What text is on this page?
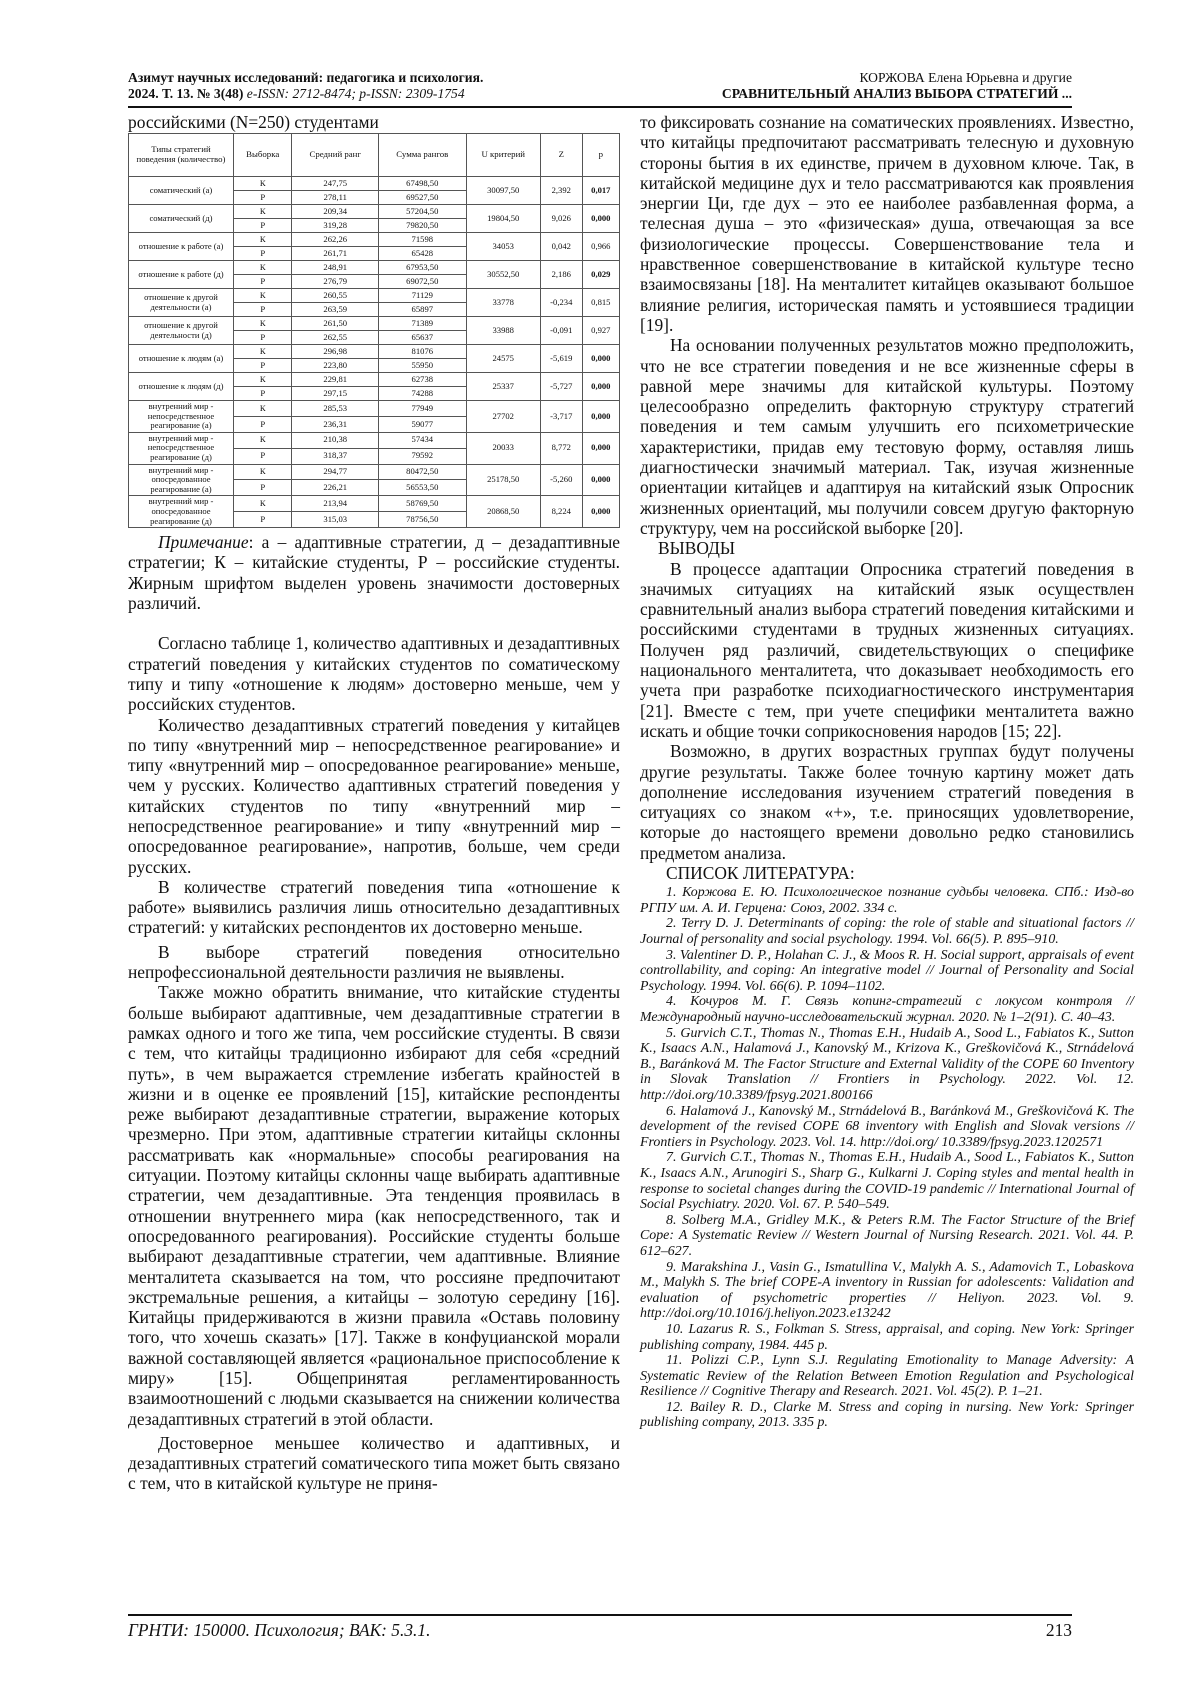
Азимут научных исследований: педагогика и психология.
2024. Т. 13. № 3(48) e-ISSN: 2712-8474; p-ISSN: 2309-1754
КОРЖОВА Елена Юрьевна и другие
СРАВНИТЕЛЬНЫЙ АНАЛИЗ ВЫБОРА СТРАТЕГИЙ ...
российскими (N=250) студентами
Типы стратегий поведения (количество)	Выборка	Средний ранг	Сумма рангов	U критерий	Z	p
соматический (а)	К	247,75	67498,50	30097,50	2,392	0,017
	Р	278,11	69527,50			
соматический (д)	К	209,34	57204,50	19804,50	9,026	0,000
	Р	319,28	79820,50			
отношение к работе (а)	К	262,26	71598	34053	0,042	0,966
	Р	261,71	65428			
отношение к работе (д)	К	248,91	67953,50	30552,50	2,186	0,029
	Р	276,79	69072,50			
отношение к другой деятельности (а)	К	260,55	71129	33778	-0,234	0,815
	Р	263,59	65897			
отношение к другой деятельности (д)	К	261,50	71389	33988	-0,091	0,927
	Р	262,55	65637			
отношение к людям (а)	К	296,98	81076	24575	-5,619	0,000
	Р	223,80	55950			
отношение к людям (д)	К	229,81	62738	25337	-5,727	0,000
	Р	297,15	74288			
внутренний мир - непосредственное реагирование (а)	К	285,53	77949	27702	-3,717	0,000
	Р	236,31	59077			
внутренний мир - непосредственное реагирование (д)	К	210,38	57434	20033	8,772	0,000
	Р	318,37	79592			
внутренний мир - опосредованное реагирование (а)	К	294,77	80472,50	25178,50	-5,260	0,000
	Р	226,21	56553,50			
внутренний мир - опосредованное реагирование (д)	К	213,94	58769,50	20868,50	8,224	0,000
	Р	315,03	78756,50			
Примечание: а – адаптивные стратегии, д – дезадаптивные стратегии; К – китайские студенты, Р – российские студенты. Жирным шрифтом выделен уровень значимости достоверных различий.

Согласно таблице 1, количество адаптивных и дезадаптивных стратегий поведения у китайских студентов по соматическому типу и типу «отношение к людям» достоверно меньше, чем у российских студентов.

Количество дезадаптивных стратегий поведения у китайцев по типу «внутренний мир – непосредственное реагирование» и типу «внутренний мир – опосредованное реагирование» меньше, чем у русских. Количество адаптивных стратегий поведения у китайских студентов по типу «внутренний мир – непосредственное реагирование» и типу «внутренний мир – опосредованное реагирование», напротив, больше, чем среди русских.

В количестве стратегий поведения типа «отношение к работе» выявились различия лишь относительно дезадаптивных стратегий: у китайских респондентов их достоверно меньше.

В выборе стратегий поведения относительно непрофессиональной деятельности различия не выявлены.

Также можно обратить внимание, что китайские студенты больше выбирают адаптивные, чем дезадаптивные стратегии в рамках одного и того же типа, чем российские студенты. В связи с тем, что китайцы традиционно избирают для себя «средний путь», в чем выражается стремление избегать крайностей в жизни и в оценке ее проявлений [15], китайские респонденты реже выбирают дезадаптивные стратегии, выражение которых чрезмерно. При этом, адаптивные стратегии китайцы склонны рассматривать как «нормальные» способы реагирования на ситуации. Поэтому китайцы склонны чаще выбирать адаптивные стратегии, чем дезадаптивные. Эта тенденция проявилась в отношении внутреннего мира (как непосредственного, так и опосредованного реагирования). Российские студенты больше выбирают дезадаптивные стратегии, чем адаптивные. Влияние менталитета сказывается на том, что россияне предпочитают экстремальные решения, а китайцы – золотую середину [16]. Китайцы придерживаются в жизни правила «Оставь половину того, что хочешь сказать» [17]. Также в конфуцианской морали важной составляющей является «рациональное приспособление к миру» [15]. Общепринятая регламентированность взаимоотношений с людьми сказывается на снижении количества дезадаптивных стратегий в этой области.

Достоверное меньшее количество и адаптивных, и дезадаптивных стратегий соматического типа может быть связано с тем, что в китайской культуре не приня-

то фиксировать сознание на соматических проявлениях. Известно, что китайцы предпочитают рассматривать телесную и духовную стороны бытия в их единстве, причем в духовном ключе. Так, в китайской медицине дух и тело рассматриваются как проявления энергии Ци, где дух – это ее наиболее разбавленная форма, а телесная душа – это «физическая» душа, отвечающая за все физиологические процессы. Совершенствование тела и нравственное совершенствование в китайской культуре тесно взаимосвязаны [18]. На менталитет китайцев оказывают большое влияние религия, историческая память и устоявшиеся традиции [19].

На основании полученных результатов можно предположить, что не все стратегии поведения и не все жизненные сферы в равной мере значимы для китайской культуры. Поэтому целесообразно определить факторную структуру стратегий поведения и тем самым улучшить его психометрические характеристики, придав ему тестовую форму, оставляя лишь диагностически значимый материал. Так, изучая жизненные ориентации китайцев и адаптируя на китайский язык Опросник жизненных ориентаций, мы получили совсем другую факторную структуру, чем на российской выборке [20].

ВЫВОДЫ

В процессе адаптации Опросника стратегий поведения в значимых ситуациях на китайский язык осуществлен сравнительный анализ выбора стратегий поведения китайскими и российскими студентами в трудных жизненных ситуациях. Получен ряд различий, свидетельствующих о специфике национального менталитета, что доказывает необходимость его учета при разработке психодиагностического инструментария [21]. Вместе с тем, при учете специфики менталитета важно искать и общие точки соприкосновения народов [15; 22].

Возможно, в других возрастных группах будут получены другие результаты. Также более точную картину может дать дополнение исследования изучением стратегий поведения в ситуациях со знаком «+», т.е. приносящих удовлетворение, которые до настоящего времени довольно редко становились предметом анализа.

СПИСОК ЛИТЕРАТУРА:

1. Коржова Е. Ю. Психологическое познание судьбы человека. СПб.: Изд-во РГПУ им. А. И. Герцена: Союз, 2002. 334 с.

2. Terry D. J. Determinants of coping: the role of stable and situational factors // Journal of personality and social psychology. 1994. Vol. 66(5). P. 895–910.

3. Valentiner D. P., Holahan C. J., & Moos R. H. Social support, appraisals of event controllability, and coping: An integrative model // Journal of Personality and Social Psychology. 1994. Vol. 66(6). P. 1094–1102.

4. Кочуров М. Г. Связь копинг-стратегий с локусом контроля // Международный научно-исследовательский журнал. 2020. № 1–2(91). С. 40–43.

5. Gurvich C.T., Thomas N., Thomas E.H., Hudaib A., Sood L., Fabiatos K., Sutton K., Isaacs A.N., Halamová J., Kanovský M., Krizova K., Greškovičová K., Strnádelová B., Baránková M. The Factor Structure and External Validity of the COPE 60 Inventory in Slovak Translation // Frontiers in Psychology. 2022. Vol. 12. http://doi.org/10.3389/fpsyg.2021.800166

6. Halamová J., Kanovský M., Strnádelová B., Baránková M., Greškovičová K. The development of the revised COPE 68 inventory with English and Slovak versions // Frontiers in Psychology. 2023. Vol. 14. http://doi.org/ 10.3389/fpsyg.2023.1202571

7. Gurvich C.T., Thomas N., Thomas E.H., Hudaib A., Sood L., Fabiatos K., Sutton K., Isaacs A.N., Arunogiri S., Sharp G., Kulkarni J. Coping styles and mental health in response to societal changes during the COVID-19 pandemic // International Journal of Social Psychiatry. 2020. Vol. 67. P. 540–549.

8. Solberg M.A., Gridley M.K., & Peters R.M. The Factor Structure of the Brief Cope: A Systematic Review // Western Journal of Nursing Research. 2021. Vol. 44. P. 612–627.

9. Marakshina J., Vasin G., Ismatullina V., Malykh A. S., Adamovich T., Lobaskova M., Malykh S. The brief COPE-A inventory in Russian for adolescents: Validation and evaluation of psychometric properties // Heliyon. 2023. Vol. 9. http://doi.org/10.1016/j.heliyon.2023.e13242

10. Lazarus R. S., Folkman S. Stress, appraisal, and coping. New York: Springer publishing company, 1984. 445 p.

11. Polizzi C.P., Lynn S.J. Regulating Emotionality to Manage Adversity: A Systematic Review of the Relation Between Emotion Regulation and Psychological Resilience // Cognitive Therapy and Research. 2021. Vol. 45(2). P. 1–21.

12. Bailey R. D., Clarke M. Stress and coping in nursing. New York: Springer publishing company, 2013. 335 p.

ГРНТИ: 150000. Психология; ВАК: 5.3.1.	213
